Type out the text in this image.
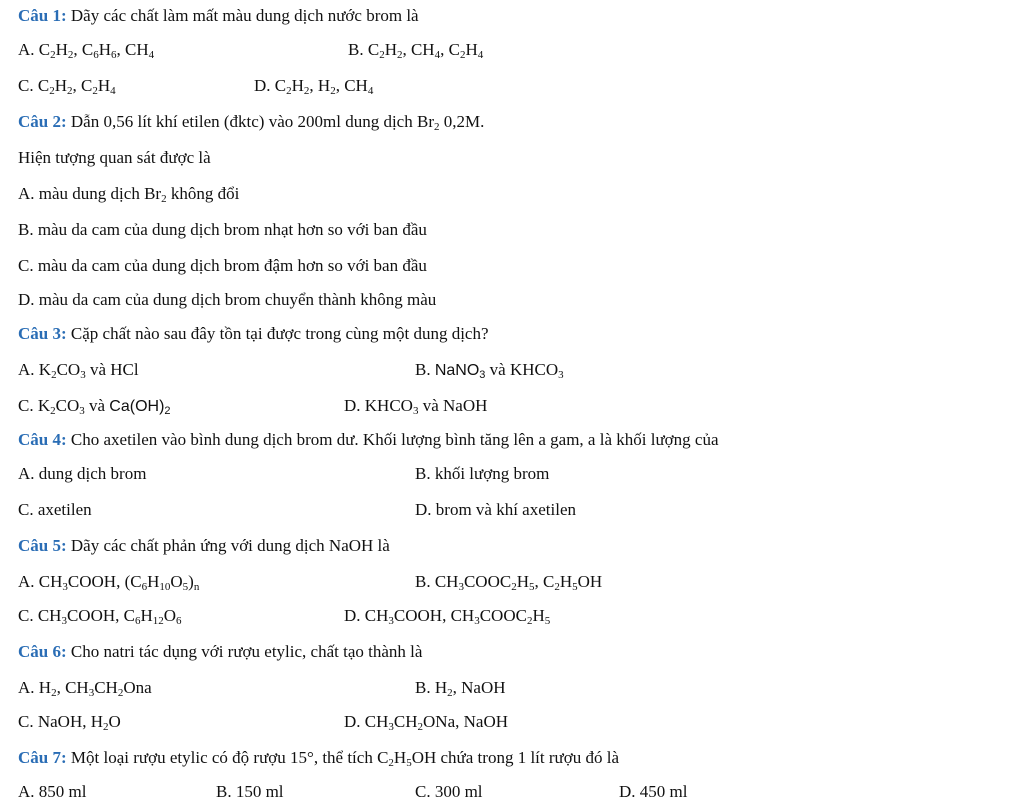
Câu 1: Dãy các chất làm mất màu dung dịch nước brom là
A. $C_2H_2$, $C_6H_6$, $CH_4$	B. $C_2H_2$, $CH_4$, $C_2H_4$
C. $C_2H_2$, $C_2H_4$	D. $C_2H_2$, $H_2$, $CH_4$
Câu 2: Dẫn 0,56 lít khí etilen (đktc) vào 200ml dung dịch $Br_2$ 0,2M.
Hiện tượng quan sát được là
A. màu dung dịch $Br_2$ không đổi
B. màu da cam của dung dịch brom nhạt hơn so với ban đầu
C. màu da cam của dung dịch brom đậm hơn so với ban đầu
D. màu da cam của dung dịch brom chuyển thành không màu
Câu 3: Cặp chất nào sau đây tồn tại được trong cùng một dung dịch?
A. $K_2CO_3$ và HCl	B. NaNO$_3$ và $KHCO_3$
C. $K_2CO_3$ và $Ca(OH)_2$	D. $KHCO_3$ và NaOH
Câu 4: Cho axetilen vào bình dung dịch brom dư. Khối lượng bình tăng lên a gam, a là khối lượng của
A. dung dịch brom	B. khối lượng brom
C. axetilen	D. brom và khí axetilen
Câu 5: Dãy các chất phản ứng với dung dịch NaOH là
A. $CH_3COOH$, $(C_6H_{10}O_5)_n$	B. $CH_3COOC_2H_5$, $C_2H_5OH$
C. $CH_3COOH$, $C_6H_{12}O_6$	D. $CH_3COOH$, $CH_3COOC_2H_5$
Câu 6: Cho natri tác dụng với rượu etylic, chất tạo thành là
A. $H_2$, $CH_3CH_2Ona$	B. $H_2$, NaOH
C. NaOH, $H_2O$	D. $CH_3CH_2ONa$, NaOH
Câu 7: Một loại rượu etylic có độ rượu 15°, thể tích $C_2H_5OH$ chứa trong 1 lít rượu đó là
A. 850 ml	B. 150 ml	C. 300 ml	D. 450 ml
